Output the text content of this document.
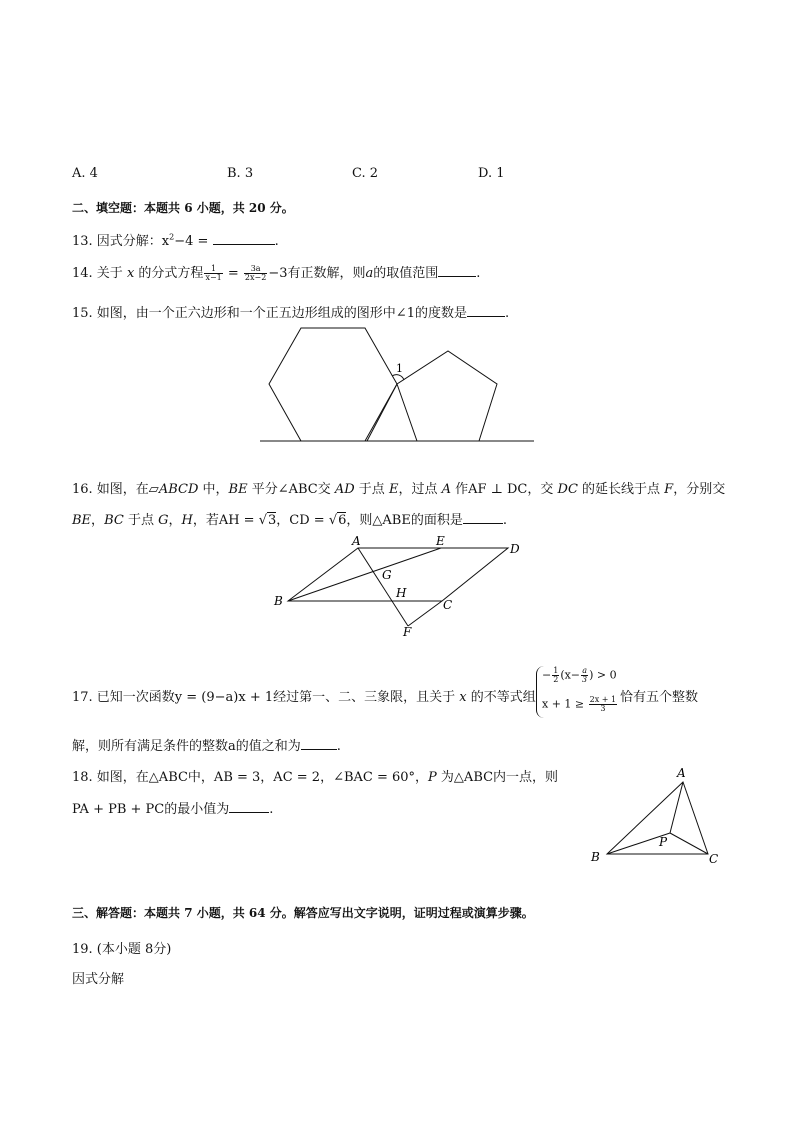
A. 4	B. 3	C. 2	D. 1
二、填空题：本题共 6 小题，共 20 分。
13. 因式分解：$x^2-4$ =	.
14. 关于 x 的分式方程 $\frac{1}{x-1} = \frac{3a}{2x-2} -3$有正数解，则a的取值范围	.
15. 如图，由一个正六边形和一个正五边形组成的图形中∠1的度数是	.
1
16. 如图，在▱ABCD 中，BE 平分∠ABC交 AD 于点 E，过点 A 作AF ⊥ DC，交 DC 的延长线于点 F，分别交
BE，BC 于点 G，H，若AH = √3，CD = √6，则△ABE的面积是	.
A	E
D
G
B
H
C
F
17. 已知一次函数y = (9−a)x + 1经过第一、二、三象限，且关于 x 的不等式组
− $\frac{1}{2} (x- \frac{a}{3}$ ) > 0
$x + 1 \ge \frac{2x + 1}{3}$ 恰有五个整数
解，则所有满足条件的整数a的值之和为	.
18. 如图，在△ABC中，AB = 3，AC = 2，∠BAC = 60°，P 为△ABC内一点，则
PA + PB + PC的最小值为	.
A
B	C
P
三、解答题：本题共 7 小题，共 64 分。解答应写出文字说明，证明过程或演算步骤。
19. (本小题 8分)
因式分解
